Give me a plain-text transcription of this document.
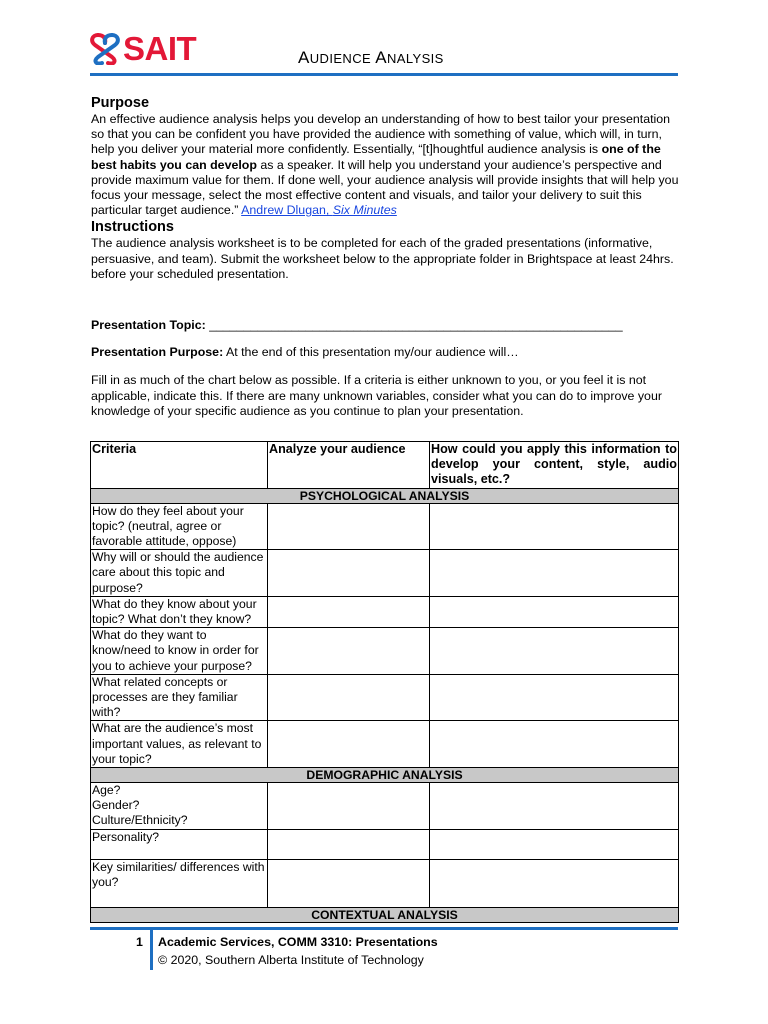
SAIT	AUDIENCE ANALYSIS
Purpose

An effective audience analysis helps you develop an understanding of how to best tailor your presentation so that you can be confident you have provided the audience with something of value, which will, in turn, help you deliver your material more confidently. Essentially, “[t]houghtful audience analysis is one of the best habits you can develop as a speaker. It will help you understand your audience’s perspective and provide maximum value for them. If done well, your audience analysis will provide insights that will help you focus your message, select the most effective content and visuals, and tailor your delivery to suit this particular target audience.” Andrew Dlugan, Six Minutes

Instructions

The audience analysis worksheet is to be completed for each of the graded presentations (informative, persuasive, and team). Submit the worksheet below to the appropriate folder in Brightspace at least 24hrs. before your scheduled presentation.

Presentation Topic: ____________________________________________________________

Presentation Purpose: At the end of this presentation my/our audience will…

Fill in as much of the chart below as possible. If a criteria is either unknown to you, or you feel it is not applicable, indicate this. If there are many unknown variables, consider what you can do to improve your knowledge of your specific audience as you continue to plan your presentation.

Criteria	Analyze your audience	How could you apply this information to develop your content, style, audio visuals, etc.?
PSYCHOLOGICAL ANALYSIS		
How do they feel about your topic? (neutral, agree or favorable attitude, oppose)		
Why will or should the audience care about this topic and purpose?		
What do they know about your topic? What don’t they know?		
What do they want to know/need to know in order for you to achieve your purpose?		
What related concepts or processes are they familiar with?		
What are the audience’s most important values, as relevant to your topic?		
DEMOGRAPHIC ANALYSIS		
Age?
Gender?
Culture/Ethnicity?		
Personality?		
Key similarities/ differences with you?		
CONTEXTUAL ANALYSIS		
1 Academic Services, COMM 3310: Presentations
© 2020, Southern Alberta Institute of Technology
